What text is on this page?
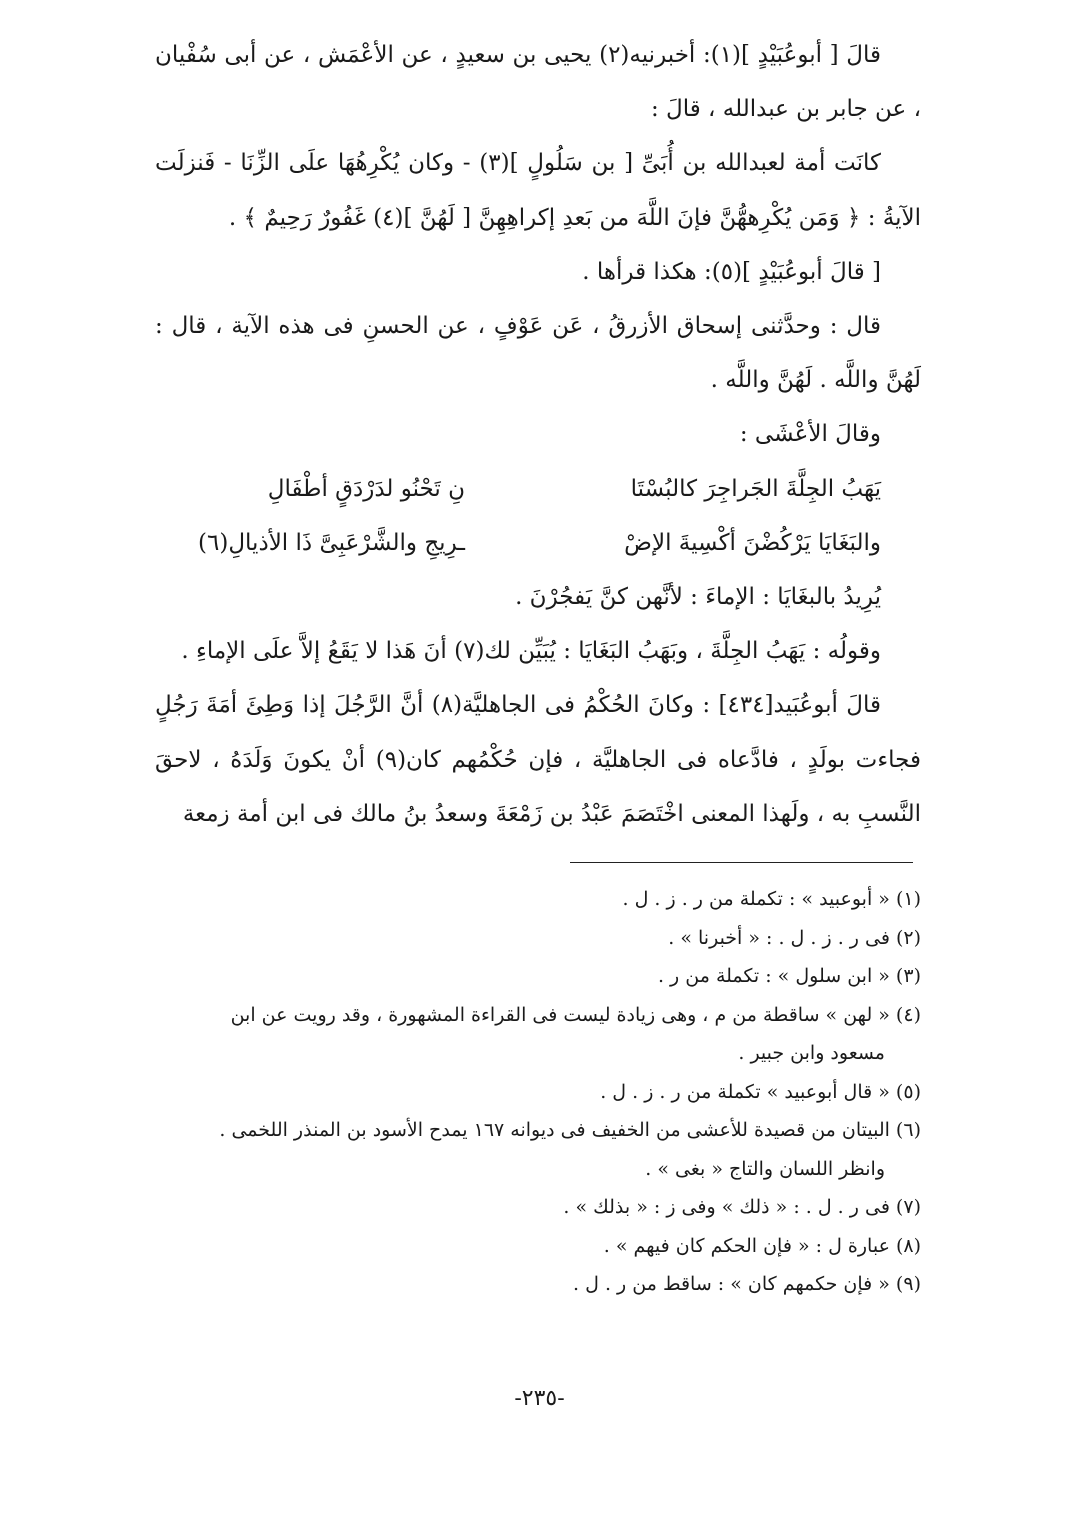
قالَ [ أبوعُبَيْدٍ ](١): أخبرنيه(٢) يحيى بن سعيدٍ ، عن الأعْمَش ، عن أبى سُفْيان ، عن جابر بن عبدالله ، قالَ :

كانَت أمة لعبدالله بن أُبَىِّ [ بن سَلُولٍ ](٣) - وكان يُكْرِهُهَا علَى الزِّنَا - فَنزلَت الآيةُ : ﴿ وَمَن يُكْرِههُّنَّ فإنَ اللَّهَ من بَعدِ إكراهِهِنَّ [ لَهُنَّ ](٤) غَفُورٌ رَحِيمٌ ﴾ .

[ قالَ أبوعُبَيْدٍ ](٥): هكذا قرأها .

قال : وحدَّثنى إسحاق الأزرقُ ، عَن عَوْفٍ ، عن الحسنِ فى هذه الآية ، قال : لَهُنَّ واللَّه . لَهُنَّ واللَّه .

وقالَ الأعْشَى :

يَهَبُ الجِلَّةَ الجَراجِرَ كالبُسْتَا
نِ تَحْنُو لدَرْدَقٍ أطْفَالِ
والبَغَايَا يَرْكُضْنَ أكْسِيةَ الإضْ
ـرِيجِ والشَّرْعَبِىَّ ذَا الأذيالِ(٦)

يُرِيدُ بالبغَايَا : الإماءَ : لأنَّهن كنَّ يَفجُرْنَ .

وقولُه : يَهَبُ الجِلَّةَ ، وبَهَبُ البَغَايَا : يُبَيِّن لك(٧) أنَ هَذا لا يَقَعُ إلاَّ علَى الإماءِ .

قالَ أبوعُبَيد[٤٣٤] : وكانَ الحُكْمُ فى الجاهليَّة(٨) أنَّ الرَّجُلَ إذا وَطِئَ أمَةَ رَجُلٍ فجاءت بولَدٍ ، فادَّعاه فى الجاهليَّة ، فإن حُكْمُهم كان(٩) أنْ يكونَ وَلَدَهُ ، لاحقَ النَّسبِ به ، ولَهذا المعنى اخْتَصَمَ عَبْدُ بن زَمْعَةَ وسعدُ بنُ مالك فى ابن أمة زمعة

(١) « أبوعبيد » : تكملة من ر . ز . ل .

(٢) فى ر . ز . ل . : « أخبرنا » .

(٣) « ابن سلول » : تكملة من ر .

(٤) « لهن » ساقطة من م ، وهى زيادة ليست فى القراءة المشهورة ، وقد رويت عن ابن

مسعود وابن جبير .

(٥) « قال أبوعبيد » تكملة من ر . ز . ل .

(٦) البيتان من قصيدة للأعشى من الخفيف فى ديوانه ١٦٧ يمدح الأسود بن المنذر اللخمى .

وانظر اللسان والتاج « بغى » .

(٧) فى ر . ل . : « ذلك » وفى ز : « بذلك » .

(٨) عبارة ل : « فإن الحكم كان فيهم » .

(٩) « فإن حكمهم كان » : ساقط من ر . ل .

-٢٣٥-
